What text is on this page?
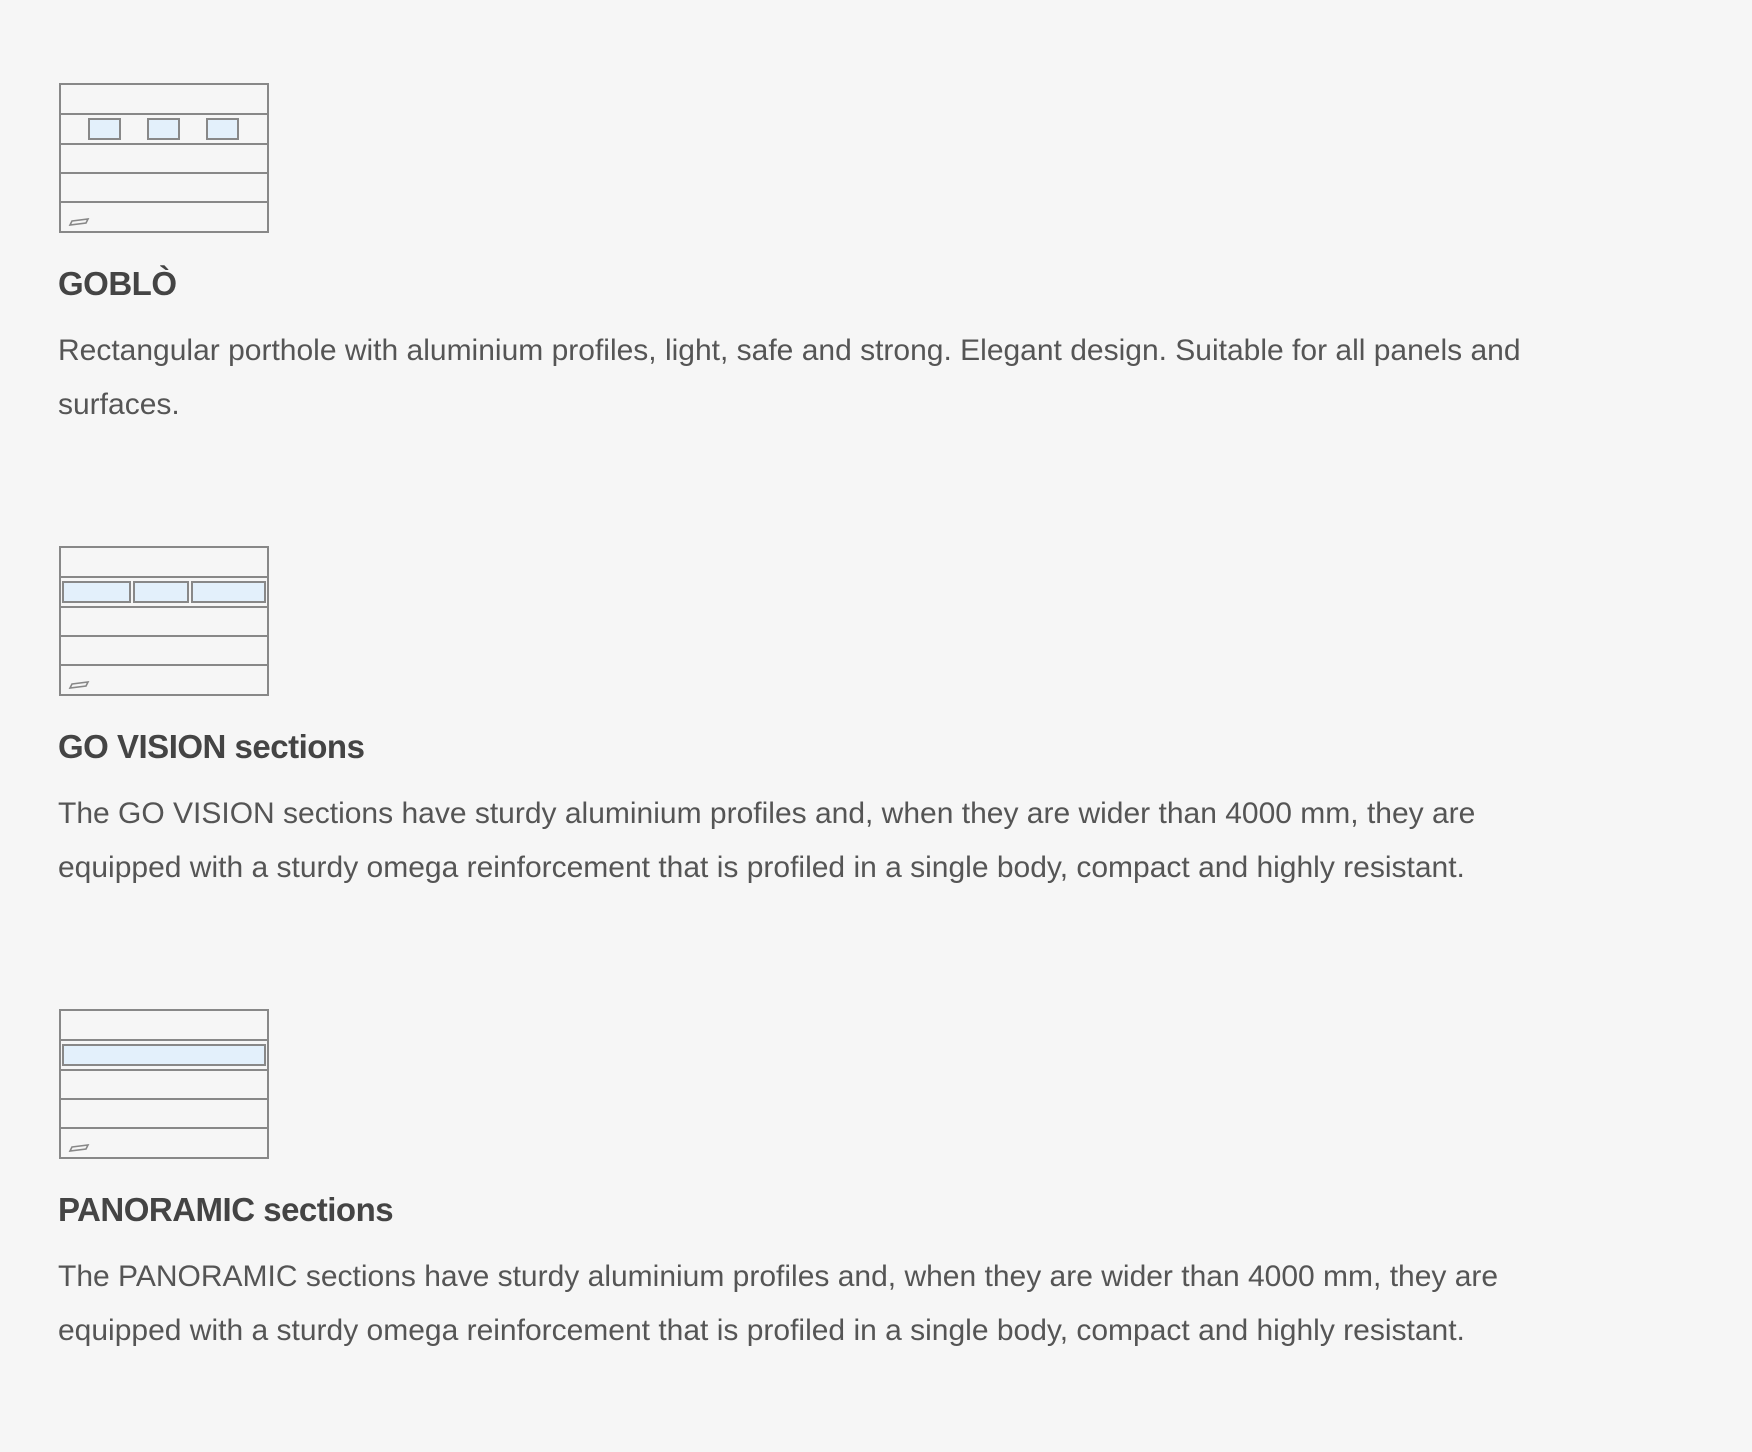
GOBLÒ
Rectangular porthole with aluminium profiles, light, safe and strong. Elegant design. Suitable for all panels and surfaces.
GO VISION sections
The GO VISION sections have sturdy aluminium profiles and, when they are wider than 4000 mm, they are equipped with a sturdy omega reinforcement that is profiled in a single body, compact and highly resistant.
PANORAMIC sections
The PANORAMIC sections have sturdy aluminium profiles and, when they are wider than 4000 mm, they are equipped with a sturdy omega reinforcement that is profiled in a single body, compact and highly resistant.
